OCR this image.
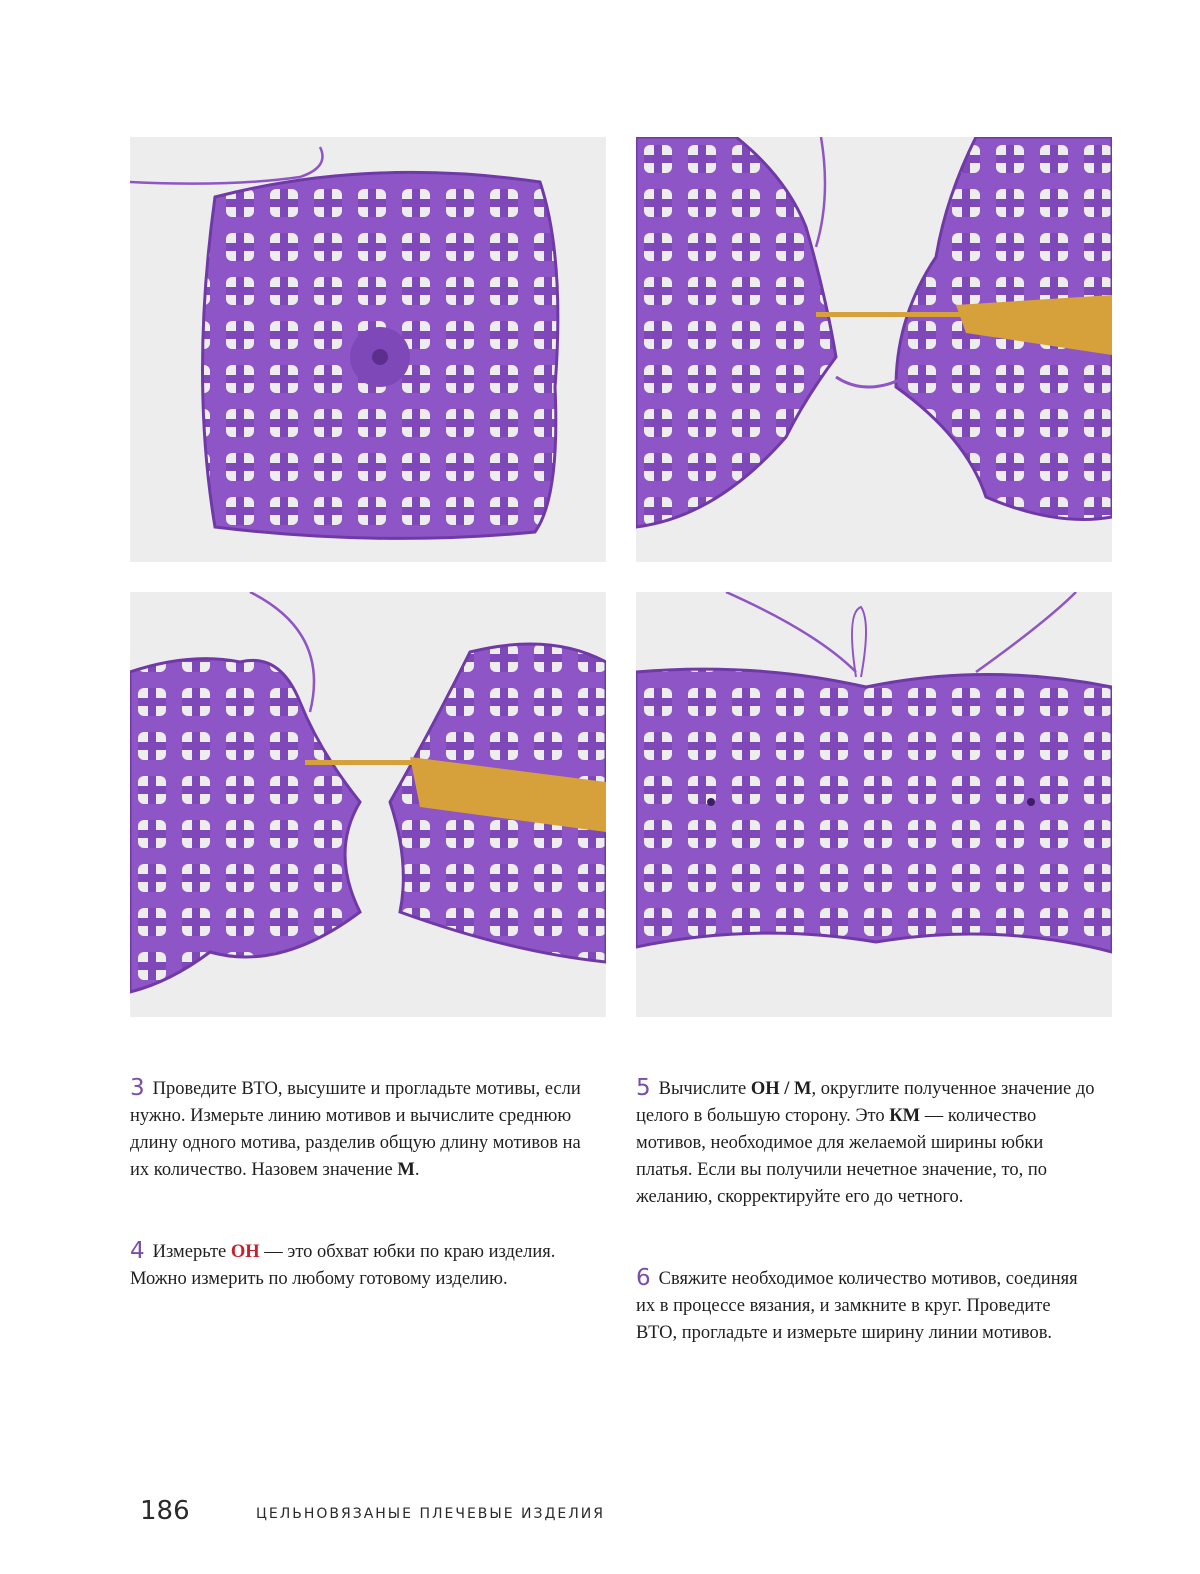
3 Проведите ВТО, высушите и прогладьте мотивы, если нужно. Измерьте линию мотивов и вычислите среднюю длину одного мотива, разделив общую длину мотивов на их количество. Назовем значение М.

4 Измерьте ОН — это обхват юбки по краю изделия. Можно измерить по любому готовому изделию.

5 Вычислите ОН / М, округлите полученное значение до целого в большую сторону. Это КМ — количество мотивов, необходимое для желаемой ширины юбки платья. Если вы получили нечетное значение, то, по желанию, скорректируйте его до четного.

6 Свяжите необходимое количество мотивов, соединяя их в процессе вязания, и замкните в круг. Проведите ВТО, прогладьте и измерьте ширину линии мотивов.

186	ЦЕЛЬНОВЯЗАНЫЕ ПЛЕЧЕВЫЕ ИЗДЕЛИЯ
